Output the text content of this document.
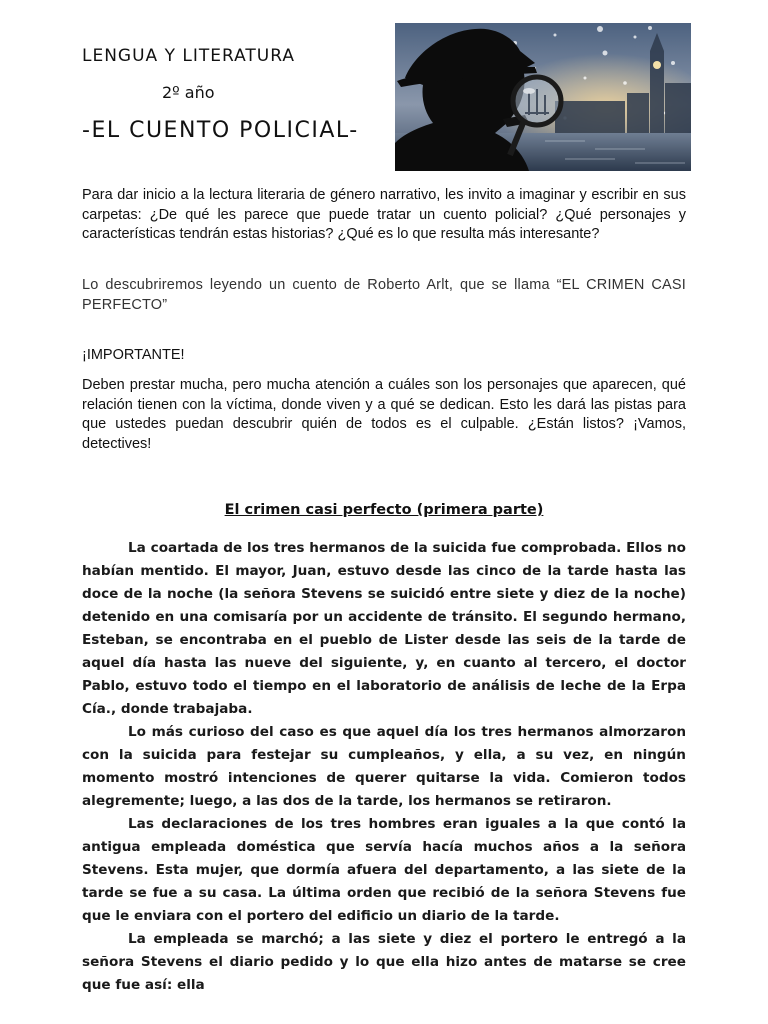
LENGUA Y LITERATURA
2º año
-EL CUENTO POLICIAL-

Para dar inicio a la lectura literaria de género narrativo, les invito a imaginar y escribir en sus carpetas: ¿De qué les parece que puede tratar un cuento policial? ¿Qué personajes y características tendrán estas historias? ¿Qué es lo que resulta más interesante?

Lo descubriremos leyendo un cuento de Roberto Arlt, que se llama “EL CRIMEN CASI PERFECTO”

¡IMPORTANTE!

Deben prestar mucha, pero mucha atención a cuáles son los personajes que aparecen, qué relación tienen con la víctima, donde viven y a qué se dedican. Esto les dará las pistas para que ustedes puedan descubrir quién de todos es el culpable. ¿Están listos? ¡Vamos, detectives!

El crimen casi perfecto (primera parte)

La coartada de los tres hermanos de la suicida fue comprobada. Ellos no habían mentido. El mayor, Juan, estuvo desde las cinco de la tarde hasta las doce de la noche (la señora Stevens se suicidó entre siete y diez de la noche) detenido en una comisaría por un accidente de tránsito. El segundo hermano, Esteban, se encontraba en el pueblo de Lister desde las seis de la tarde de aquel día hasta las nueve del siguiente, y, en cuanto al tercero, el doctor Pablo, estuvo todo el tiempo en el laboratorio de análisis de leche de la Erpa Cía., donde trabajaba.

Lo más curioso del caso es que aquel día los tres hermanos almorzaron con la suicida para festejar su cumpleaños, y ella, a su vez, en ningún momento mostró intenciones de querer quitarse la vida. Comieron todos alegremente; luego, a las dos de la tarde, los hermanos se retiraron.

Las declaraciones de los tres hombres eran iguales a la que contó la antigua empleada doméstica que servía hacía muchos años a la señora Stevens. Esta mujer, que dormía afuera del departamento, a las siete de la tarde se fue a su casa. La última orden que recibió de la señora Stevens fue que le enviara con el portero del edificio un diario de la tarde.

La empleada se marchó; a las siete y diez el portero le entregó a la señora Stevens el diario pedido y lo que ella hizo antes de matarse se cree que fue así: ella
